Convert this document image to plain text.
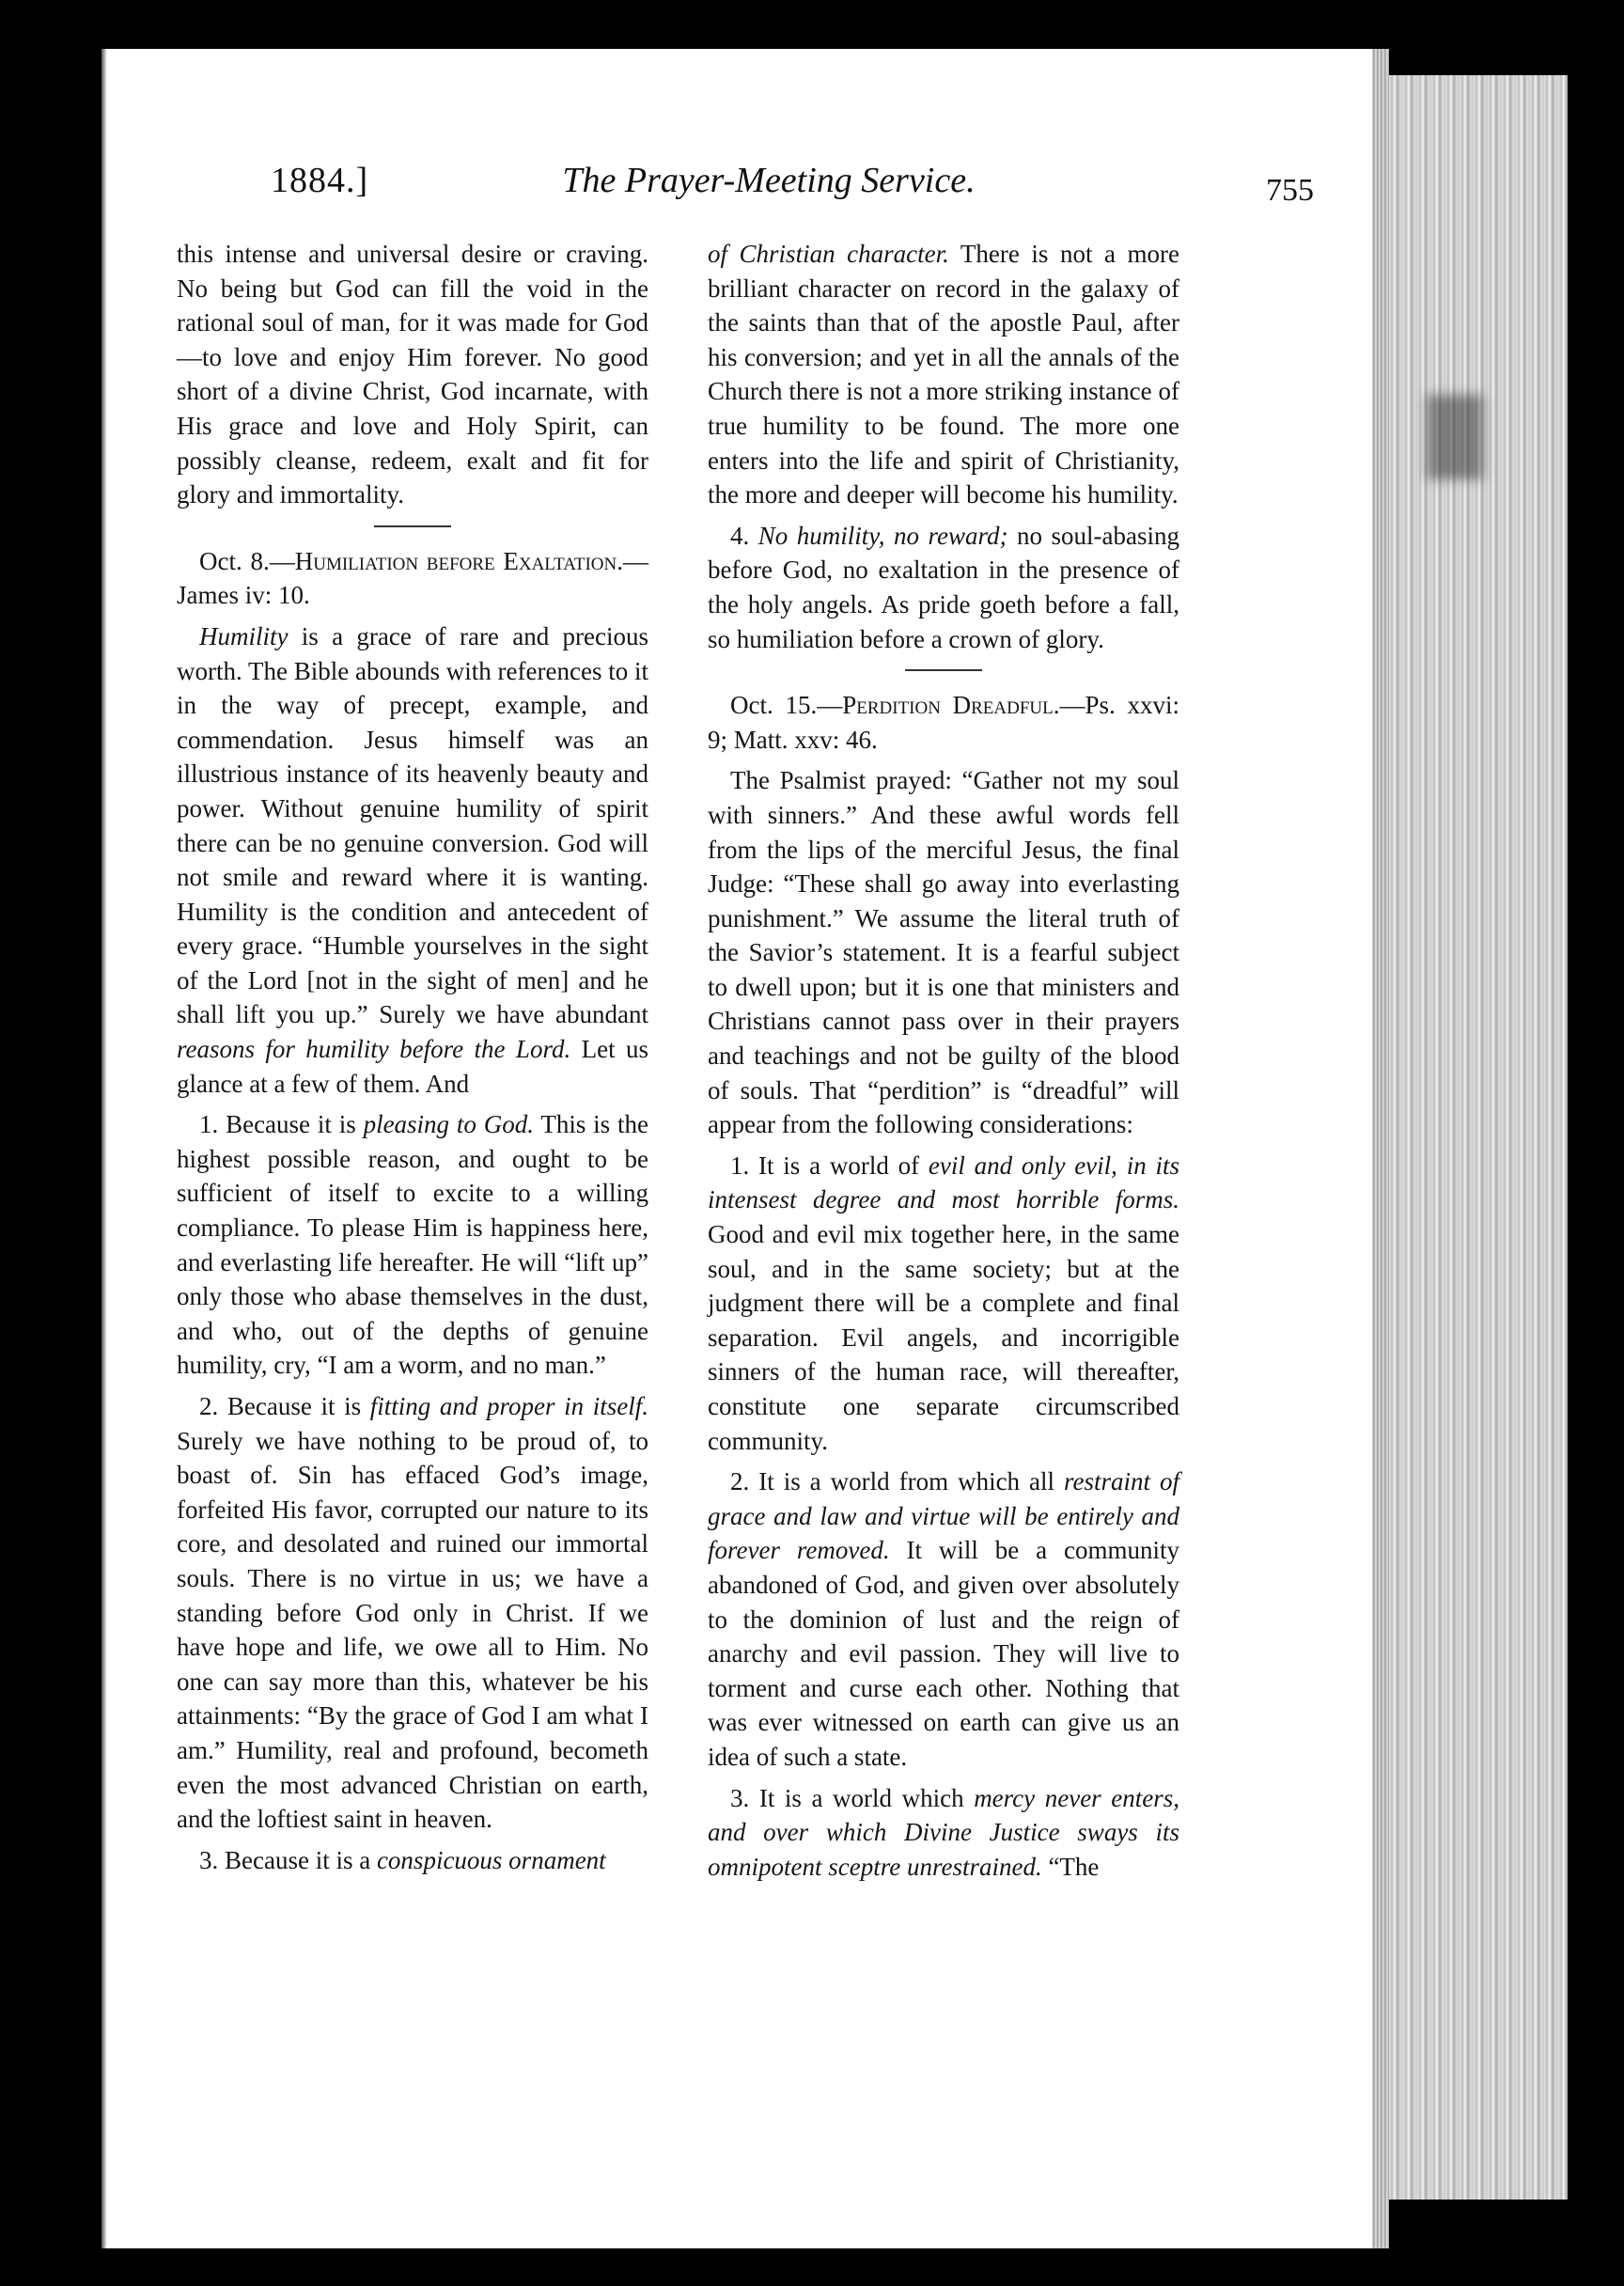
1884.]	The Prayer-Meeting Service.	755

this intense and universal desire or craving. No being but God can fill the void in the rational soul of man, for it was made for God—to love and enjoy Him forever. No good short of a divine Christ, God incarnate, with His grace and love and Holy Spirit, can possibly cleanse, redeem, exalt and fit for glory and immortality.

Oct. 8.—Humiliation before Exaltation.—James iv: 10.

Humility is a grace of rare and precious worth. The Bible abounds with references to it in the way of precept, example, and commendation. Jesus himself was an illustrious instance of its heavenly beauty and power. Without genuine humility of spirit there can be no genuine conversion. God will not smile and reward where it is wanting. Humility is the condition and antecedent of every grace. “Humble yourselves in the sight of the Lord [not in the sight of men] and he shall lift you up.” Surely we have abundant reasons for humility before the Lord. Let us glance at a few of them. And

1. Because it is pleasing to God. This is the highest possible reason, and ought to be sufficient of itself to excite to a willing compliance. To please Him is happiness here, and everlasting life hereafter. He will “lift up” only those who abase themselves in the dust, and who, out of the depths of genuine humility, cry, “I am a worm, and no man.”

2. Because it is fitting and proper in itself. Surely we have nothing to be proud of, to boast of. Sin has effaced God’s image, forfeited His favor, corrupted our nature to its core, and desolated and ruined our immortal souls. There is no virtue in us; we have a standing before God only in Christ. If we have hope and life, we owe all to Him. No one can say more than this, whatever be his attainments: “By the grace of God I am what I am.” Humility, real and profound, becometh even the most advanced Christian on earth, and the loftiest saint in heaven.

3. Because it is a conspicuous ornament

of Christian character. There is not a more brilliant character on record in the galaxy of the saints than that of the apostle Paul, after his conversion; and yet in all the annals of the Church there is not a more striking instance of true humility to be found. The more one enters into the life and spirit of Christianity, the more and deeper will become his humility.

4. No humility, no reward; no soul-abasing before God, no exaltation in the presence of the holy angels. As pride goeth before a fall, so humiliation before a crown of glory.

Oct. 15.—Perdition Dreadful.—Ps. xxvi: 9; Matt. xxv: 46.

The Psalmist prayed: “Gather not my soul with sinners.” And these awful words fell from the lips of the merciful Jesus, the final Judge: “These shall go away into everlasting punishment.” We assume the literal truth of the Savior’s statement. It is a fearful subject to dwell upon; but it is one that ministers and Christians cannot pass over in their prayers and teachings and not be guilty of the blood of souls. That “perdition” is “dreadful” will appear from the following considerations:

1. It is a world of evil and only evil, in its intensest degree and most horrible forms. Good and evil mix together here, in the same soul, and in the same society; but at the judgment there will be a complete and final separation. Evil angels, and incorrigible sinners of the human race, will thereafter, constitute one separate circumscribed community.

2. It is a world from which all restraint of grace and law and virtue will be entirely and forever removed. It will be a community abandoned of God, and given over absolutely to the dominion of lust and the reign of anarchy and evil passion. They will live to torment and curse each other. Nothing that was ever witnessed on earth can give us an idea of such a state.

3. It is a world which mercy never enters, and over which Divine Justice sways its omnipotent sceptre unrestrained. “The
